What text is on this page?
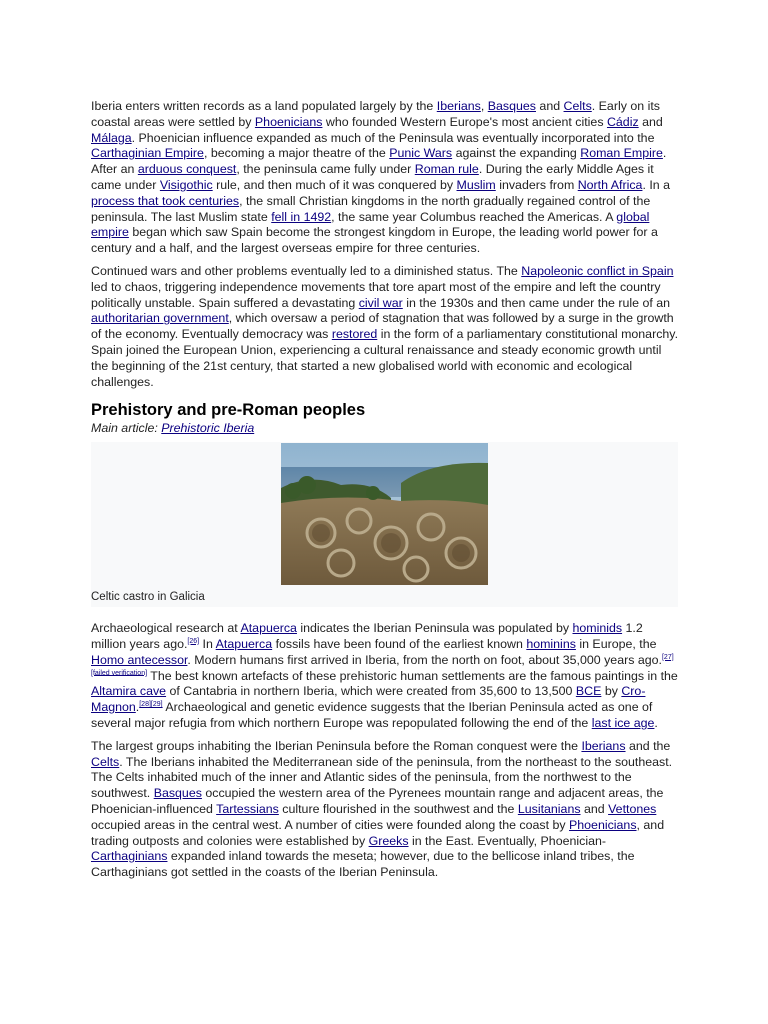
Iberia enters written records as a land populated largely by the Iberians, Basques and Celts. Early on its coastal areas were settled by Phoenicians who founded Western Europe's most ancient cities Cádiz and Málaga. Phoenician influence expanded as much of the Peninsula was eventually incorporated into the Carthaginian Empire, becoming a major theatre of the Punic Wars against the expanding Roman Empire. After an arduous conquest, the peninsula came fully under Roman rule. During the early Middle Ages it came under Visigothic rule, and then much of it was conquered by Muslim invaders from North Africa. In a process that took centuries, the small Christian kingdoms in the north gradually regained control of the peninsula. The last Muslim state fell in 1492, the same year Columbus reached the Americas. A global empire began which saw Spain become the strongest kingdom in Europe, the leading world power for a century and a half, and the largest overseas empire for three centuries.

Continued wars and other problems eventually led to a diminished status. The Napoleonic conflict in Spain led to chaos, triggering independence movements that tore apart most of the empire and left the country politically unstable. Spain suffered a devastating civil war in the 1930s and then came under the rule of an authoritarian government, which oversaw a period of stagnation that was followed by a surge in the growth of the economy. Eventually democracy was restored in the form of a parliamentary constitutional monarchy. Spain joined the European Union, experiencing a cultural renaissance and steady economic growth until the beginning of the 21st century, that started a new globalised world with economic and ecological challenges.

Prehistory and pre-Roman peoples
Main article: Prehistoric Iberia
Celtic castro in Galicia

Archaeological research at Atapuerca indicates the Iberian Peninsula was populated by hominids 1.2 million years ago.[26] In Atapuerca fossils have been found of the earliest known hominins in Europe, the Homo antecessor. Modern humans first arrived in Iberia, from the north on foot, about 35,000 years ago.[27][failed verification] The best known artefacts of these prehistoric human settlements are the famous paintings in the Altamira cave of Cantabria in northern Iberia, which were created from 35,600 to 13,500 BCE by Cro-Magnon.[28][29] Archaeological and genetic evidence suggests that the Iberian Peninsula acted as one of several major refugia from which northern Europe was repopulated following the end of the last ice age.

The largest groups inhabiting the Iberian Peninsula before the Roman conquest were the Iberians and the Celts. The Iberians inhabited the Mediterranean side of the peninsula, from the northeast to the southeast. The Celts inhabited much of the inner and Atlantic sides of the peninsula, from the northwest to the southwest. Basques occupied the western area of the Pyrenees mountain range and adjacent areas, the Phoenician-influenced Tartessians culture flourished in the southwest and the Lusitanians and Vettones occupied areas in the central west. A number of cities were founded along the coast by Phoenicians, and trading outposts and colonies were established by Greeks in the East. Eventually, Phoenician-Carthaginians expanded inland towards the meseta; however, due to the bellicose inland tribes, the Carthaginians got settled in the coasts of the Iberian Peninsula.
